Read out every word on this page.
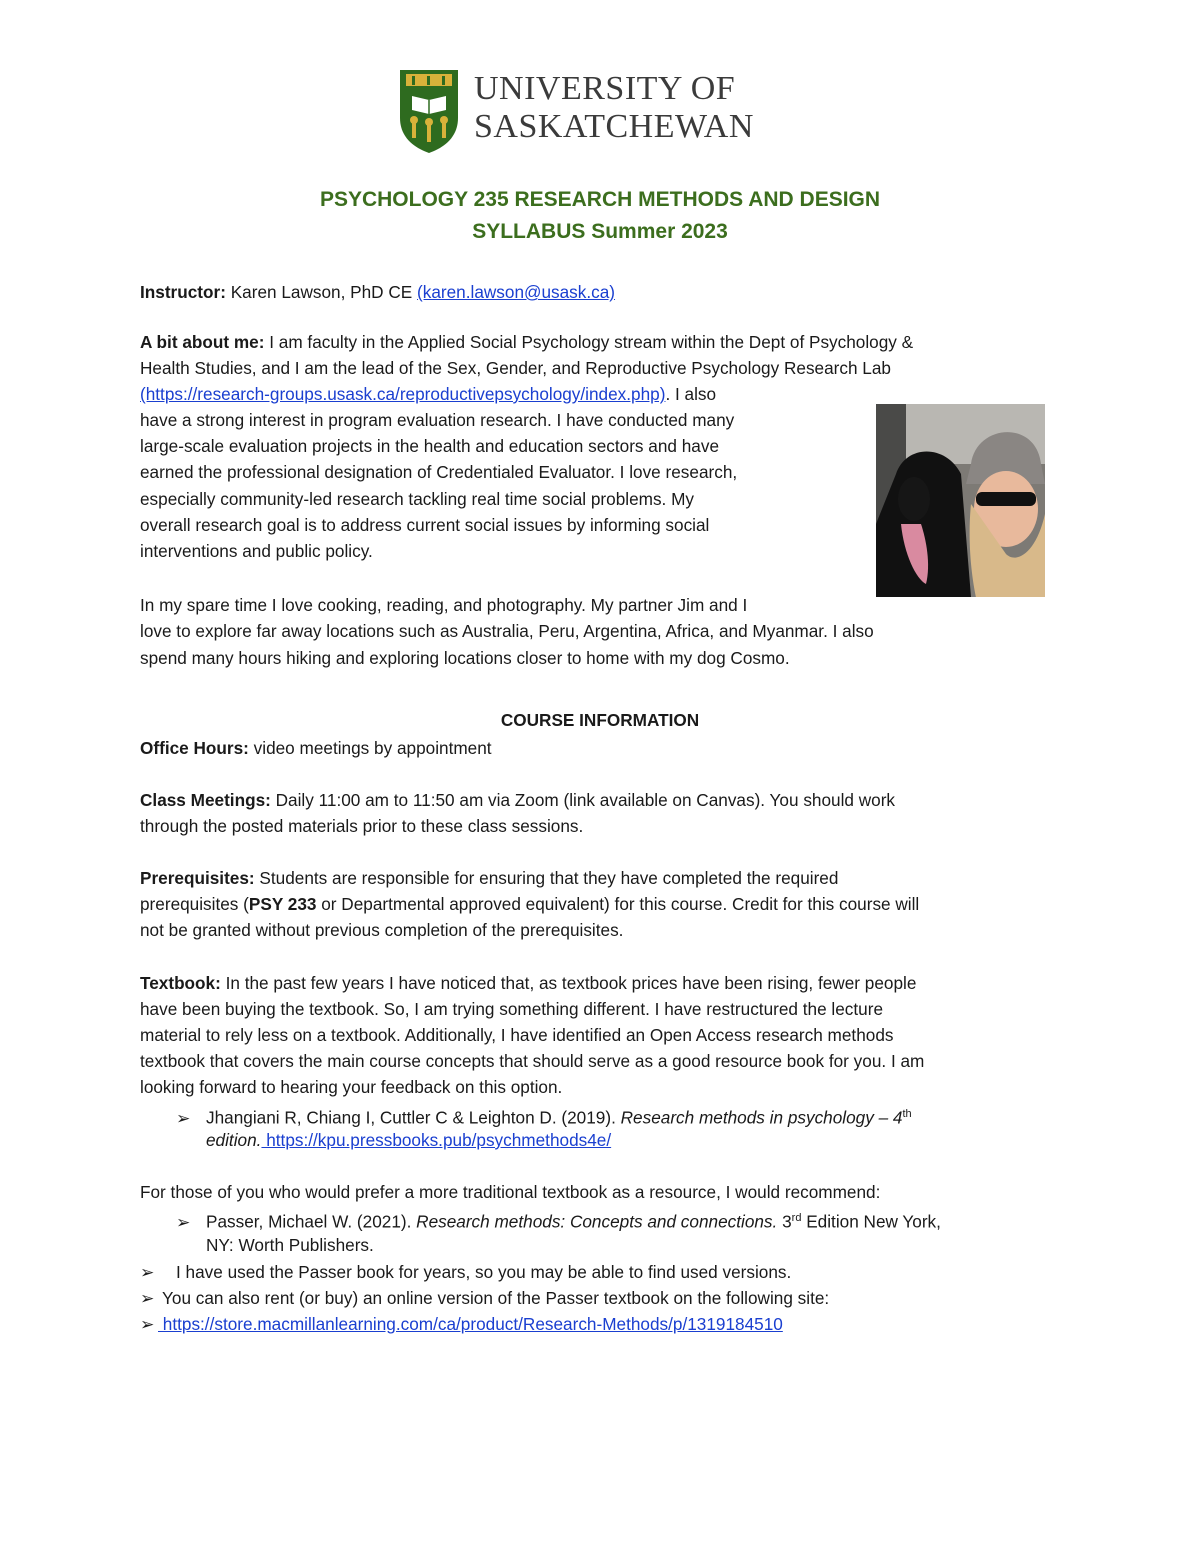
UNIVERSITY OF
SASKATCHEWAN
PSYCHOLOGY 235 RESEARCH METHODS AND DESIGN
SYLLABUS Summer 2023
Instructor: Karen Lawson, PhD CE (karen.lawson@usask.ca)
A bit about me: I am faculty in the Applied Social Psychology stream within the Dept of Psychology &
Health Studies, and I am the lead of the Sex, Gender, and Reproductive Psychology Research Lab
(https://research-groups.usask.ca/reproductivepsychology/index.php). I also
have a strong interest in program evaluation research. I have conducted many
large-scale evaluation projects in the health and education sectors and have
earned the professional designation of Credentialed Evaluator. I love research,
especially community-led research tackling real time social problems. My
overall research goal is to address current social issues by informing social
interventions and public policy.
In my spare time I love cooking, reading, and photography. My partner Jim and I
love to explore far away locations such as Australia, Peru, Argentina, Africa, and Myanmar. I also
spend many hours hiking and exploring locations closer to home with my dog Cosmo.
COURSE INFORMATION
Office Hours: video meetings by appointment
Class Meetings: Daily 11:00 am to 11:50 am via Zoom (link available on Canvas). You should work
through the posted materials prior to these class sessions.
Prerequisites: Students are responsible for ensuring that they have completed the required
prerequisites (PSY 233 or Departmental approved equivalent) for this course. Credit for this course will
not be granted without previous completion of the prerequisites.
Textbook: In the past few years I have noticed that, as textbook prices have been rising, fewer people
have been buying the textbook. So, I am trying something different. I have restructured the lecture
material to rely less on a textbook. Additionally, I have identified an Open Access research methods
textbook that covers the main course concepts that should serve as a good resource book for you. I am
looking forward to hearing your feedback on this option.
➢ Jhangiani R, Chiang I, Cuttler C & Leighton D. (2019). Research methods in psychology – 4th
edition. https://kpu.pressbooks.pub/psychmethods4e/
For those of you who would prefer a more traditional textbook as a resource, I would recommend:
➢ Passer, Michael W. (2021). Research methods: Concepts and connections. 3rd Edition New York,
NY: Worth Publishers.
➢ I have used the Passer book for years, so you may be able to find used versions.
➢ You can also rent (or buy) an online version of the Passer textbook on the following site:
➢ https://store.macmillanlearning.com/ca/product/Research-Methods/p/1319184510
